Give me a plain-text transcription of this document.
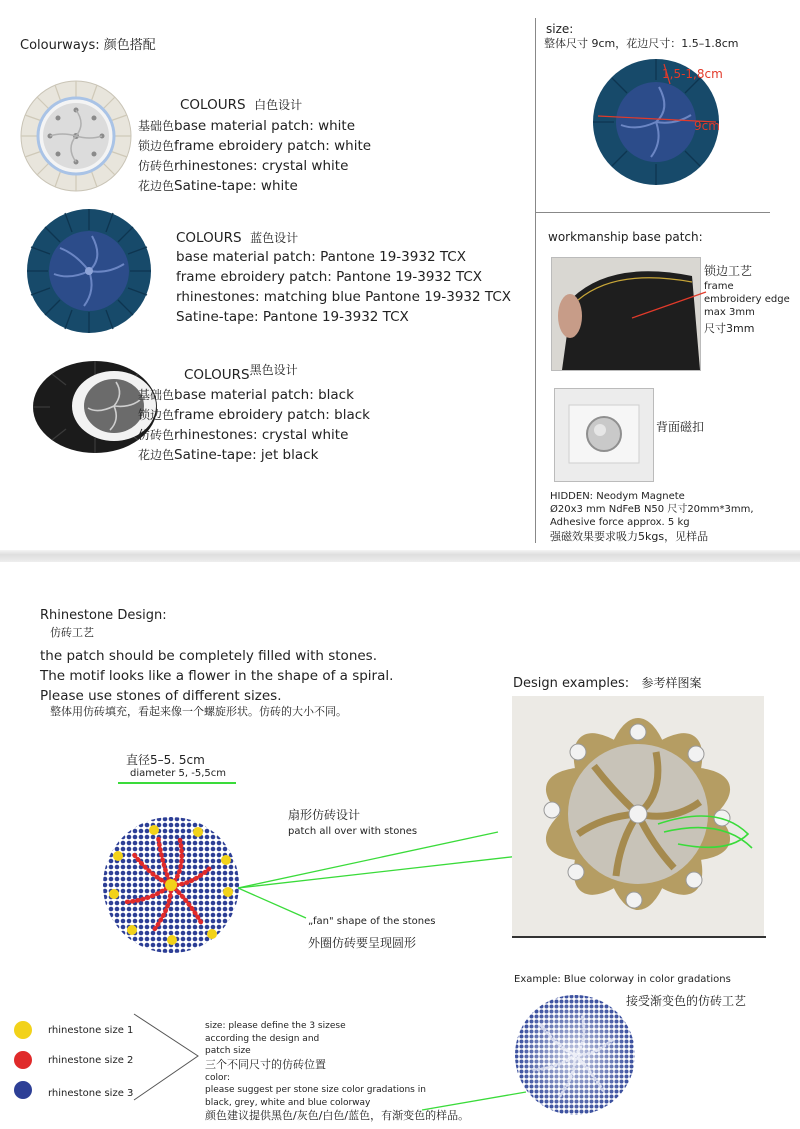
Colourways: 颜色搭配
COLOURS 白色设计
基础色base material patch: white
锁边色frame ebroidery patch: white
仿砖色rhinestones: crystal white
花边色Satine-tape: white
COLOURS 蓝色设计
base material patch: Pantone 19-3932 TCX
frame ebroidery patch: Pantone 19-3932 TCX
rhinestones: matching blue Pantone 19-3932 TCX
Satine-tape: Pantone 19-3932 TCX
COLOURS黑色设计
基础色base material patch: black
锁边色frame ebroidery patch: black
仿砖色rhinestones: crystal white
花边色Satine-tape: jet black
size:
整体尺寸 9cm，花边尺寸：1.5–1.8cm
1,5-1,8cm
9cm
workmanship base patch:
锁边工艺
frame
embroidery edge
max 3mm
尺寸3mm
背面磁扣
HIDDEN: Neodym Magnete
Ø20x3 mm NdFeB N50 尺寸20mm*3mm,
Adhesive force approx. 5 kg
强磁效果要求吸力5kgs，见样品
Rhinestone Design:
仿砖工艺
the patch should be completely filled with stones.
The motif looks like a flower in the shape of a spiral.
Please use stones of different sizes.
整体用仿砖填充，看起来像一个螺旋形状。仿砖的大小不同。
直径5–5. 5cm
diameter 5, -5,5cm
扇形仿砖设计
patch all over with stones
„fan" shape of the stones
外圈仿砖要呈现圆形
Design examples: 参考样图案
Example: Blue colorway in color gradations
接受渐变色的仿砖工艺
rhinestone size 1
rhinestone size 2
rhinestone size 3
size: please define the 3 sizese
according the design and
patch size
三个不同尺寸的仿砖位置
color:
please suggest per stone size color gradations in
black, grey, white and blue colorway
颜色建议提供黑色/灰色/白色/蓝色，有渐变色的样品。
